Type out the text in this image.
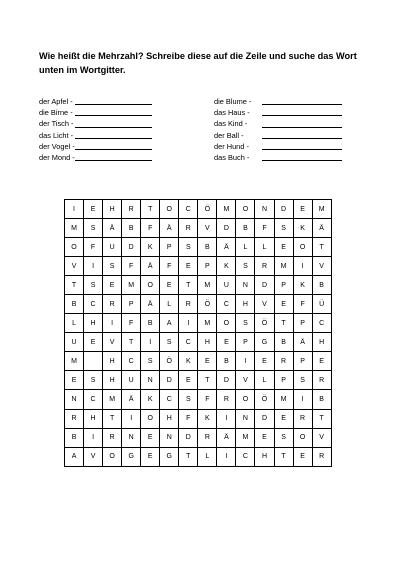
Wie heißt die Mehrzahl? Schreibe diese auf die Zeile und suche das Wort
unten im Wortgitter.

der Apfel -
die Birne -
der Tisch -
das Licht -
der Vogel -
der Mond -
die Blume -
das Haus -
das Kind -
der Ball -
der Hund -
das Buch -
I	E	H	R	T	O	C	Ö	M	O	N	D	E	M
M	S	Ä	B	F	Ä	R	V	D	B	F	S	K	Ä
O	F	U	D	K	P	S	B	Ä	L	L	E	O	T
V	I	S	F	Ä	F	E	P	K	S	R	M	I	V
T	S	E	M	O	E	T	M	U	N	D	P	K	B
B	C	R	P	Ä	L	R	Ö	C	H	V	E	F	Ü
L	H	I	F	B	A	I	M	O	S	Ö	T	P	C
U	E	V	T	I	S	C	H	E	P	G	B	Ä	H
M		H	C	S	Ö	K	E	B	I	E	R	P	E
E	S	H	U	N	D	E	T	D	V	L	P	S	R
N	C	M	Ä	K	C	S	F	R	O	Ö	M	I	B
R	H	T	I	O	H	F	K	I	N	D	E	R	T
B	I	R	N	E	N	D	R	Ä	M	E	S	O	V
A	V	O	G	E	G	T	L	I	C	H	T	E	R
